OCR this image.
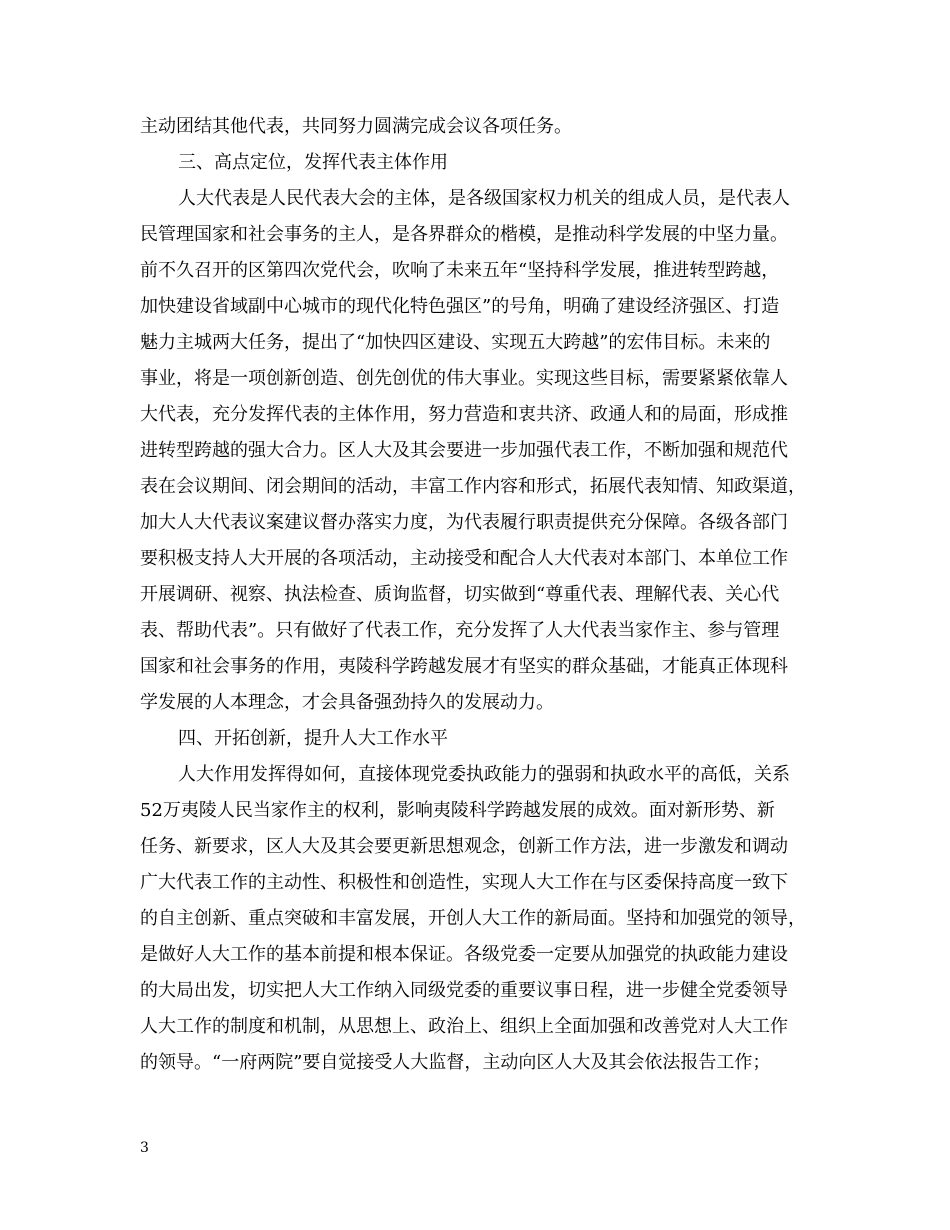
主动团结其他代表，共同努力圆满完成会议各项任务。
三、高点定位，发挥代表主体作用
人大代表是人民代表大会的主体，是各级国家权力机关的组成人员，是代表人
民管理国家和社会事务的主人，是各界群众的楷模，是推动科学发展的中坚力量。
前不久召开的区第四次党代会，吹响了未来五年“坚持科学发展，推进转型跨越，
加快建设省域副中心城市的现代化特色强区”的号角，明确了建设经济强区、打造
魅力主城两大任务，提出了“加快四区建设、实现五大跨越”的宏伟目标。未来的
事业，将是一项创新创造、创先创优的伟大事业。实现这些目标，需要紧紧依靠人
大代表，充分发挥代表的主体作用，努力营造和衷共济、政通人和的局面，形成推
进转型跨越的强大合力。区人大及其会要进一步加强代表工作，不断加强和规范代
表在会议期间、闭会期间的活动，丰富工作内容和形式，拓展代表知情、知政渠道，
加大人大代表议案建议督办落实力度，为代表履行职责提供充分保障。各级各部门
要积极支持人大开展的各项活动，主动接受和配合人大代表对本部门、本单位工作
开展调研、视察、执法检查、质询监督，切实做到“尊重代表、理解代表、关心代
表、帮助代表”。只有做好了代表工作，充分发挥了人大代表当家作主、参与管理
国家和社会事务的作用，夷陵科学跨越发展才有坚实的群众基础，才能真正体现科
学发展的人本理念，才会具备强劲持久的发展动力。
四、开拓创新，提升人大工作水平
人大作用发挥得如何，直接体现党委执政能力的强弱和执政水平的高低，关系
52万夷陵人民当家作主的权利，影响夷陵科学跨越发展的成效。面对新形势、新
任务、新要求，区人大及其会要更新思想观念，创新工作方法，进一步激发和调动
广大代表工作的主动性、积极性和创造性，实现人大工作在与区委保持高度一致下
的自主创新、重点突破和丰富发展，开创人大工作的新局面。坚持和加强党的领导，
是做好人大工作的基本前提和根本保证。各级党委一定要从加强党的执政能力建设
的大局出发，切实把人大工作纳入同级党委的重要议事日程，进一步健全党委领导
人大工作的制度和机制，从思想上、政治上、组织上全面加强和改善党对人大工作
的领导。“一府两院”要自觉接受人大监督，主动向区人大及其会依法报告工作；
3
